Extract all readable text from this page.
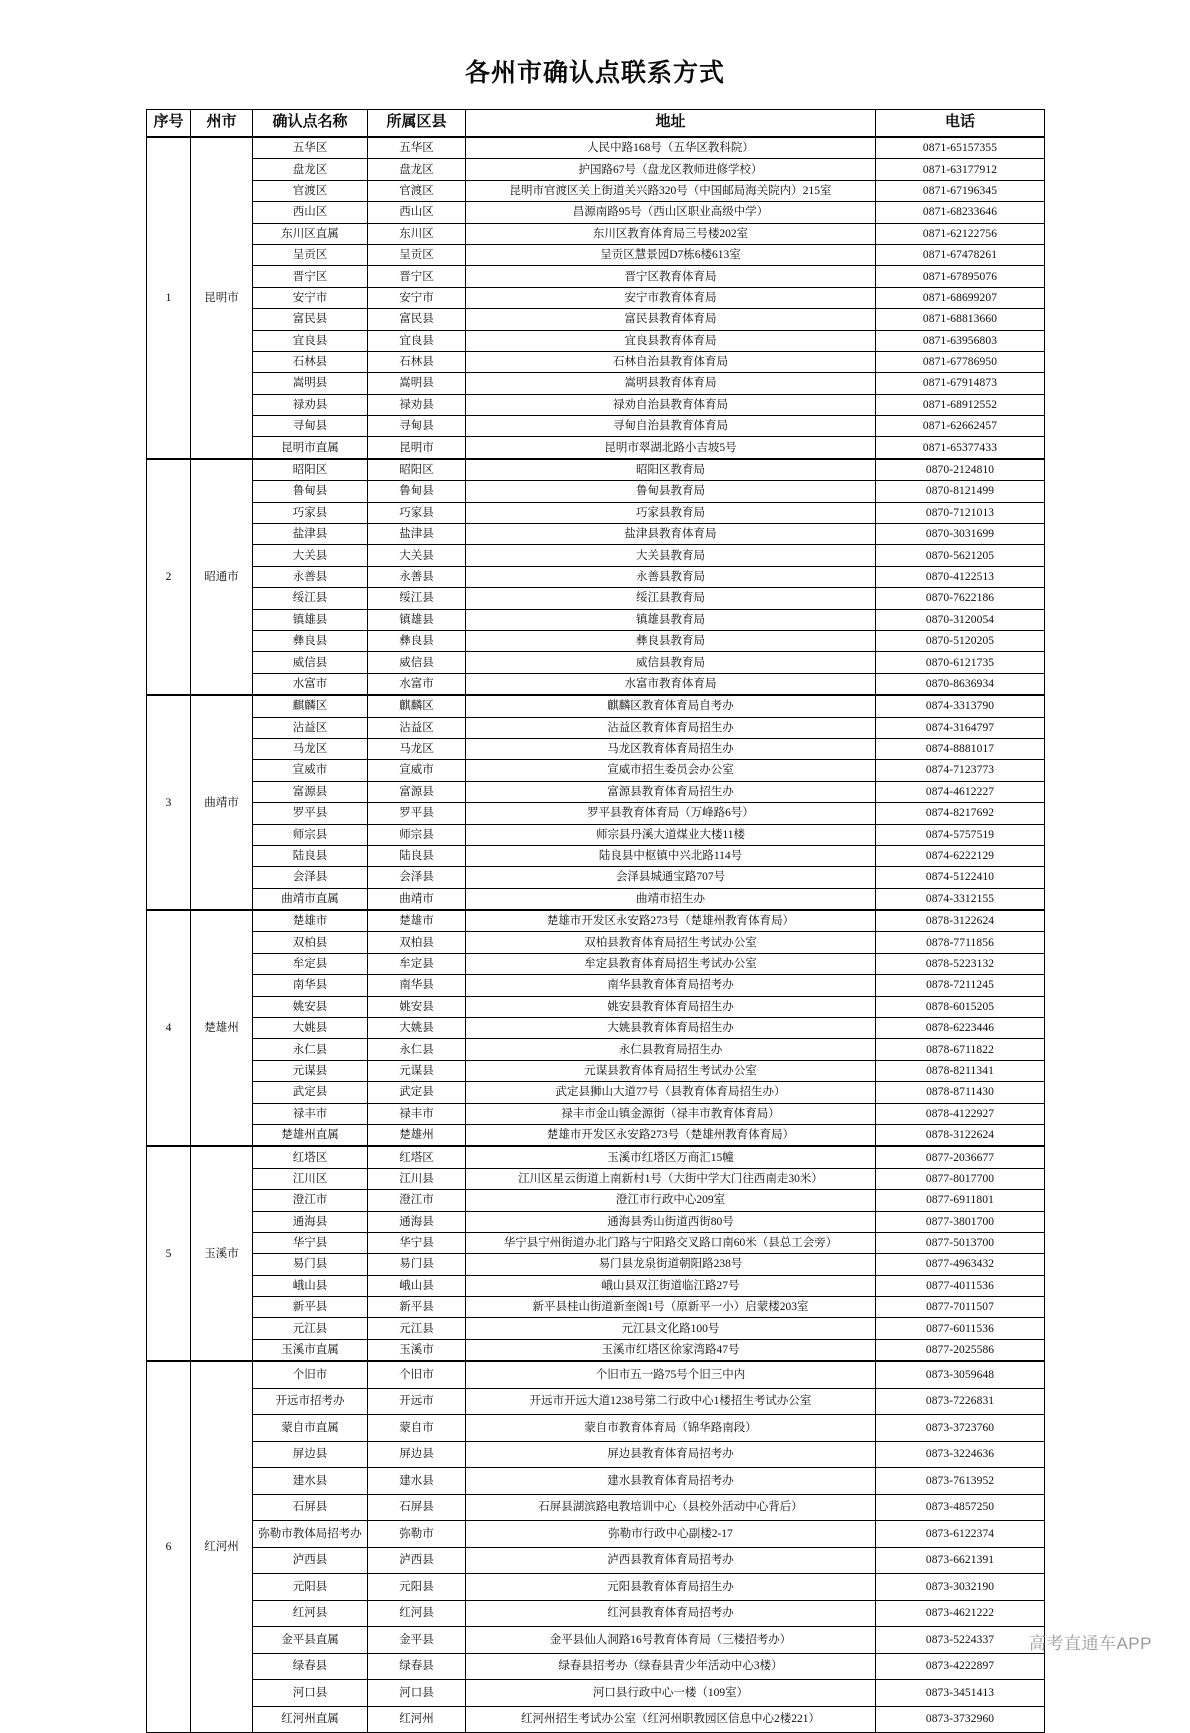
各州市确认点联系方式
序号	州市	确认点名称	所属区县	地址	电话
1	昆明市	五华区	五华区	人民中路168号（五华区教科院）	0871-65157355
		盘龙区	盘龙区	护国路67号（盘龙区教师进修学校）	0871-63177912
		官渡区	官渡区	昆明市官渡区关上街道关兴路320号（中国邮局海关院内）215室	0871-67196345
		西山区	西山区	昌源南路95号（西山区职业高级中学）	0871-68233646
		东川区直属	东川区	东川区教育体育局三号楼202室	0871-62122756
		呈贡区	呈贡区	呈贡区慧景园D7栋6楼613室	0871-67478261
		晋宁区	晋宁区	晋宁区教育体育局	0871-67895076
		安宁市	安宁市	安宁市教育体育局	0871-68699207
		富民县	富民县	富民县教育体育局	0871-68813660
		宜良县	宜良县	宜良县教育体育局	0871-63956803
		石林县	石林县	石林自治县教育体育局	0871-67786950
		嵩明县	嵩明县	嵩明县教育体育局	0871-67914873
		禄劝县	禄劝县	禄劝自治县教育体育局	0871-68912552
		寻甸县	寻甸县	寻甸自治县教育体育局	0871-62662457
		昆明市直属	昆明市	昆明市翠湖北路小吉坡5号	0871-65377433
2	昭通市	昭阳区	昭阳区	昭阳区教育局	0870-2124810
		鲁甸县	鲁甸县	鲁甸县教育局	0870-8121499
		巧家县	巧家县	巧家县教育局	0870-7121013
		盐津县	盐津县	盐津县教育体育局	0870-3031699
		大关县	大关县	大关县教育局	0870-5621205
		永善县	永善县	永善县教育局	0870-4122513
		绥江县	绥江县	绥江县教育局	0870-7622186
		镇雄县	镇雄县	镇雄县教育局	0870-3120054
		彝良县	彝良县	彝良县教育局	0870-5120205
		威信县	威信县	威信县教育局	0870-6121735
		水富市	水富市	水富市教育体育局	0870-8636934
3	曲靖市	麒麟区	麒麟区	麒麟区教育体育局自考办	0874-3313790
		沾益区	沾益区	沾益区教育体育局招生办	0874-3164797
		马龙区	马龙区	马龙区教育体育局招生办	0874-8881017
		宣威市	宣威市	宣威市招生委员会办公室	0874-7123773
		富源县	富源县	富源县教育体育局招生办	0874-4612227
		罗平县	罗平县	罗平县教育体育局（万峰路6号）	0874-8217692
		师宗县	师宗县	师宗县丹溪大道煤业大楼11楼	0874-5757519
		陆良县	陆良县	陆良县中枢镇中兴北路114号	0874-6222129
		会泽县	会泽县	会泽县城通宝路707号	0874-5122410
		曲靖市直属	曲靖市	曲靖市招生办	0874-3312155
4	楚雄州	楚雄市	楚雄市	楚雄市开发区永安路273号（楚雄州教育体育局）	0878-3122624
		双柏县	双柏县	双柏县教育体育局招生考试办公室	0878-7711856
		牟定县	牟定县	牟定县教育体育局招生考试办公室	0878-5223132
		南华县	南华县	南华县教育体育局招考办	0878-7211245
		姚安县	姚安县	姚安县教育体育局招生办	0878-6015205
		大姚县	大姚县	大姚县教育体育局招生办	0878-6223446
		永仁县	永仁县	永仁县教育局招生办	0878-6711822
		元谋县	元谋县	元谋县教育体育局招生考试办公室	0878-8211341
		武定县	武定县	武定县狮山大道77号（县教育体育局招生办）	0878-8711430
		禄丰市	禄丰市	禄丰市金山镇金源街（禄丰市教育体育局）	0878-4122927
		楚雄州直属	楚雄州	楚雄市开发区永安路273号（楚雄州教育体育局）	0878-3122624
5	玉溪市	红塔区	红塔区	玉溪市红塔区万商汇15幢	0877-2036677
		江川区	江川县	江川区星云街道上南新村1号（大街中学大门往西南走30米）	0877-8017700
		澄江市	澄江市	澄江市行政中心209室	0877-6911801
		通海县	通海县	通海县秀山街道西街80号	0877-3801700
		华宁县	华宁县	华宁县宁州街道办北门路与宁阳路交叉路口南60米（县总工会旁）	0877-5013700
		易门县	易门县	易门县龙泉街道朝阳路238号	0877-4963432
		峨山县	峨山县	峨山县双江街道临江路27号	0877-4011536
		新平县	新平县	新平县桂山街道新奎阁1号（原新平一小）启蒙楼203室	0877-7011507
		元江县	元江县	元江县文化路100号	0877-6011536
		玉溪市直属	玉溪市	玉溪市红塔区徐家湾路47号	0877-2025586
6	红河州	个旧市	个旧市	个旧市五一路75号个旧三中内	0873-3059648
		开远市招考办	开远市	开远市开远大道1238号第二行政中心1楼招生考试办公室	0873-7226831
		蒙自市直属	蒙自市	蒙自市教育体育局（锦华路南段）	0873-3723760
		屏边县	屏边县	屏边县教育体育局招考办	0873-3224636
		建水县	建水县	建水县教育体育局招考办	0873-7613952
		石屏县	石屏县	石屏县湖滨路电教培训中心（县校外活动中心背后）	0873-4857250
		弥勒市教体局招考办	弥勒市	弥勒市行政中心副楼2-17	0873-6122374
		泸西县	泸西县	泸西县教育体育局招考办	0873-6621391
		元阳县	元阳县	元阳县教育体育局招生办	0873-3032190
		红河县	红河县	红河县教育体育局招考办	0873-4621222
		金平县直属	金平县	金平县仙人洞路16号教育体育局（三楼招考办）	0873-5224337
		绿春县	绿春县	绿春县招考办（绿春县青少年活动中心3楼）	0873-4222897
		河口县	河口县	河口县行政中心一楼（109室）	0873-3451413
		红河州直属	红河州	红河州招生考试办公室（红河州职教园区信息中心2楼221）	0873-3732960
高考直通车APP
